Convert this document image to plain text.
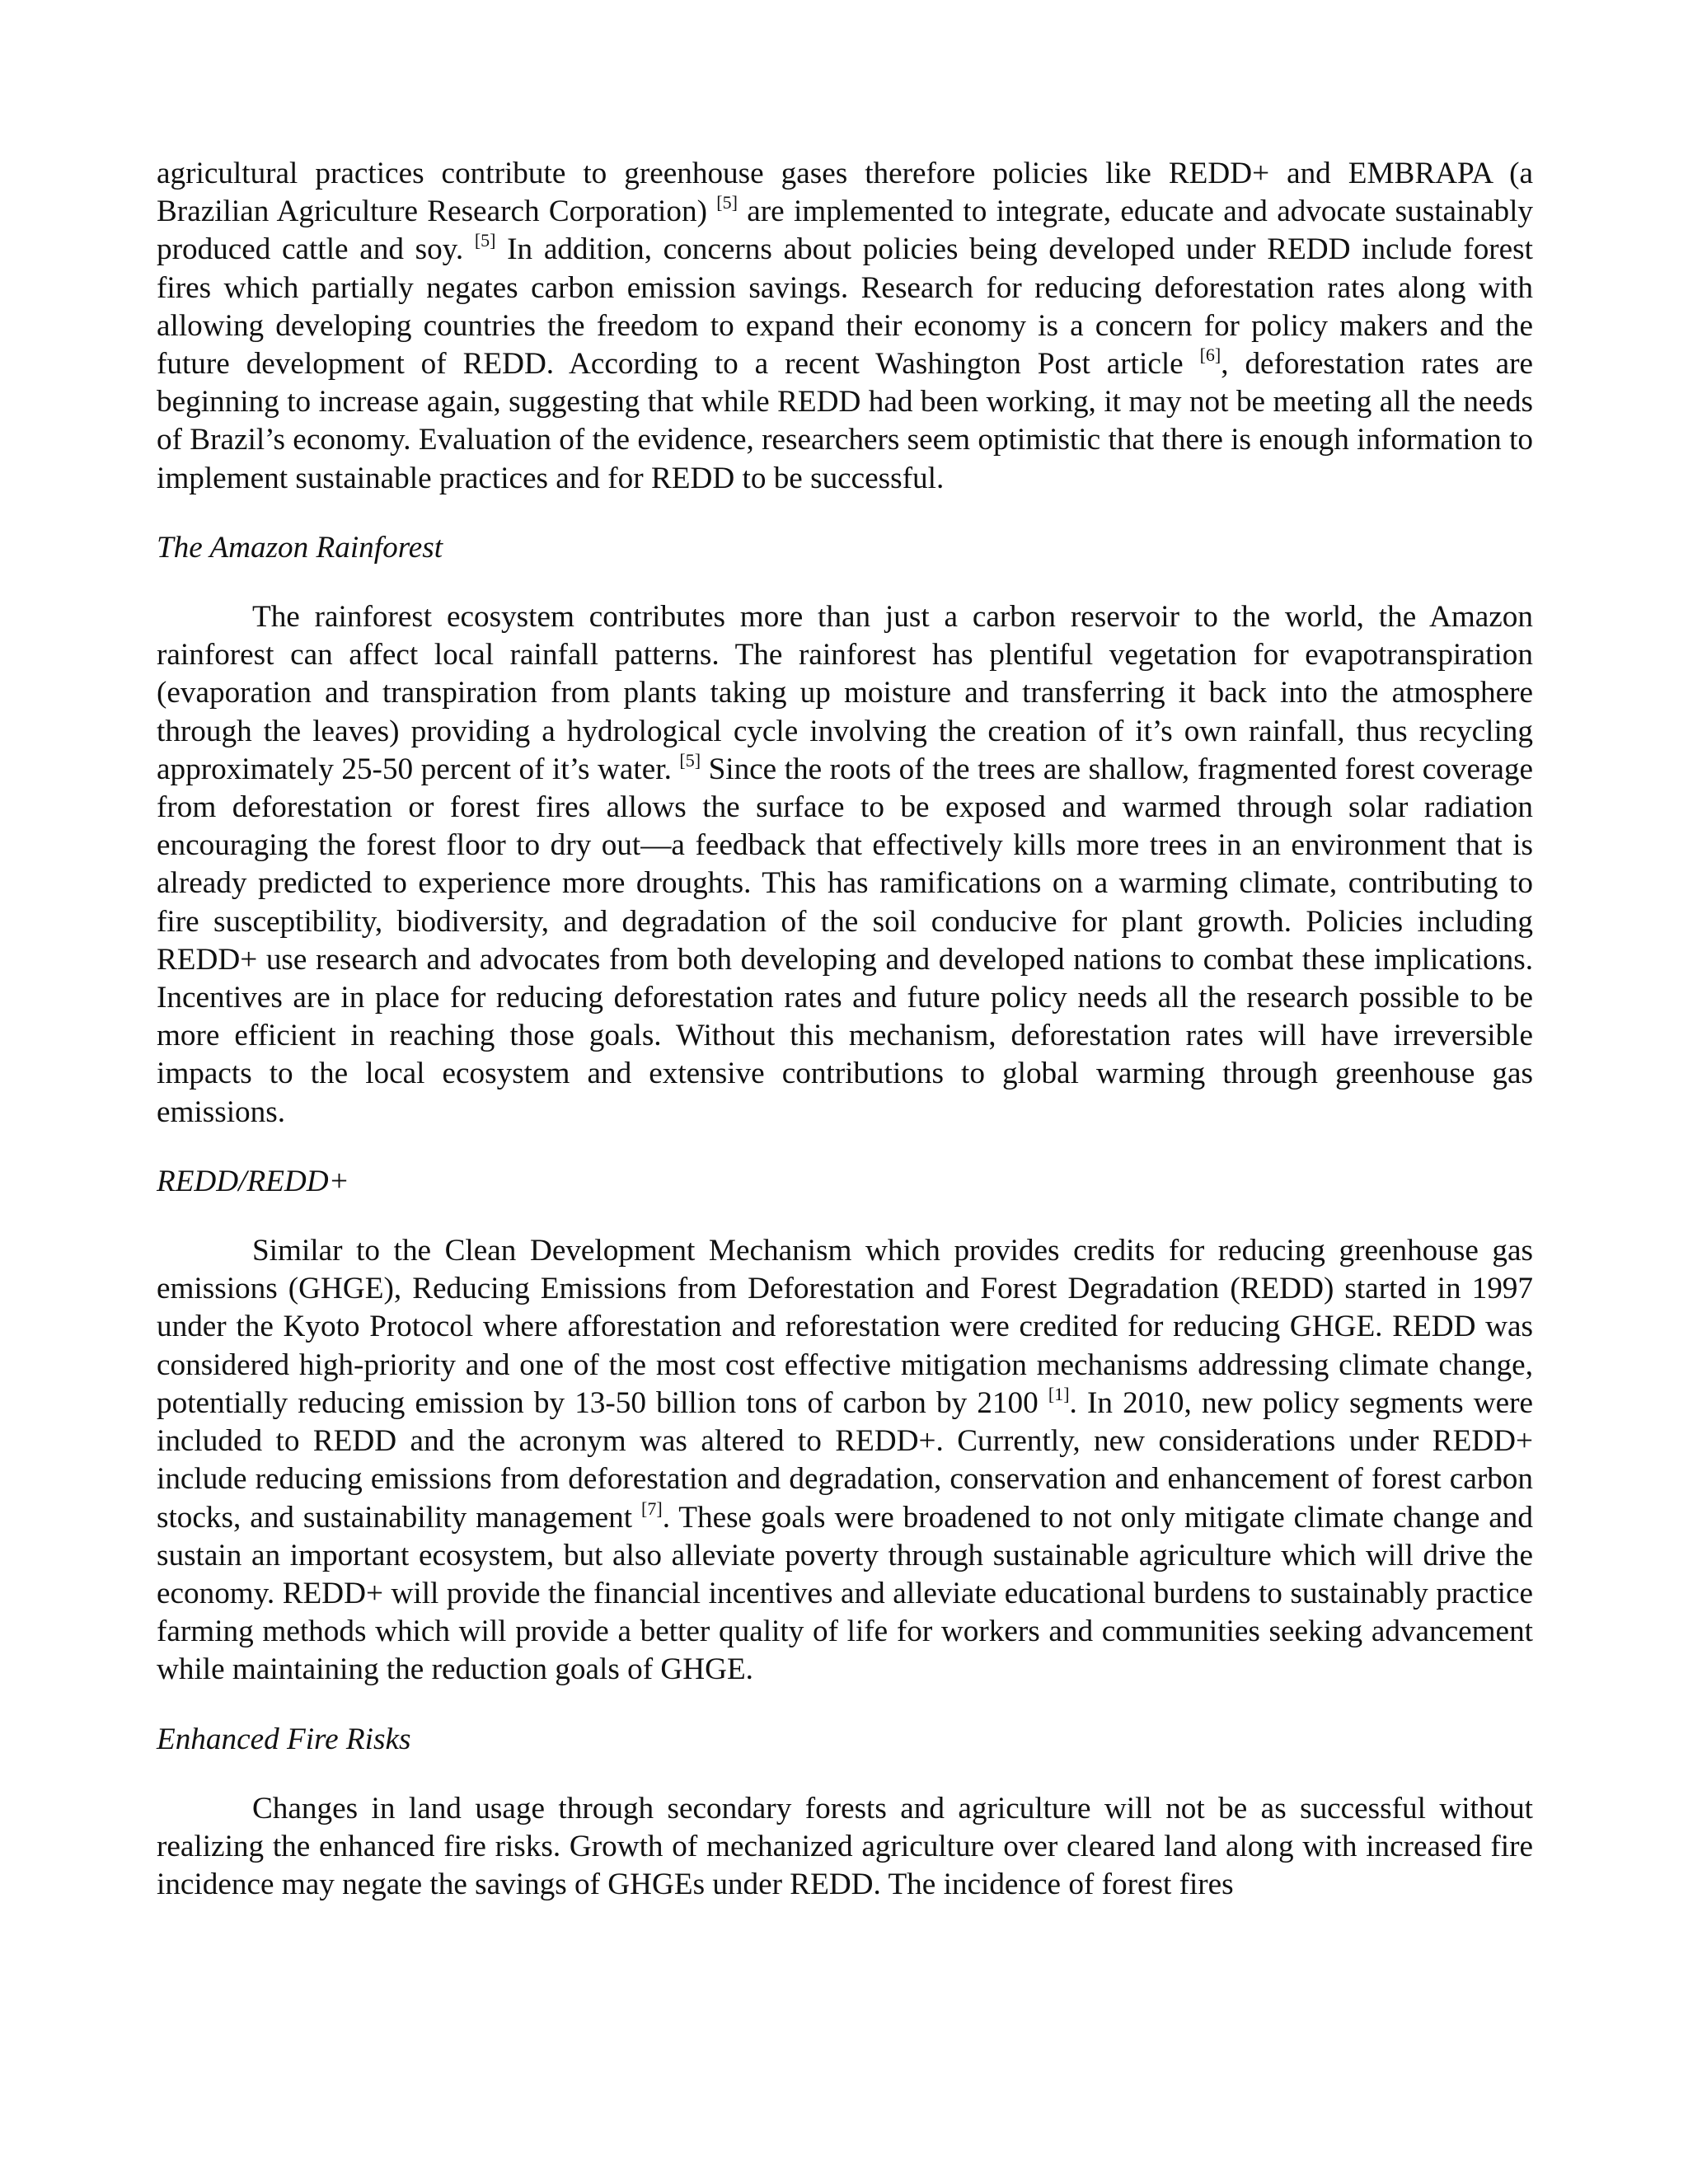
agricultural practices contribute to greenhouse gases therefore policies like REDD+ and EMBRAPA (a Brazilian Agriculture Research Corporation) [5] are implemented to integrate, educate and advocate sustainably produced cattle and soy. [5] In addition, concerns about policies being developed under REDD include forest fires which partially negates carbon emission savings. Research for reducing deforestation rates along with allowing developing countries the freedom to expand their economy is a concern for policy makers and the future development of REDD. According to a recent Washington Post article [6], deforestation rates are beginning to increase again, suggesting that while REDD had been working, it may not be meeting all the needs of Brazil’s economy. Evaluation of the evidence, researchers seem optimistic that there is enough information to implement sustainable practices and for REDD to be successful.

The Amazon Rainforest

The rainforest ecosystem contributes more than just a carbon reservoir to the world, the Amazon rainforest can affect local rainfall patterns. The rainforest has plentiful vegetation for evapotranspiration (evaporation and transpiration from plants taking up moisture and transferring it back into the atmosphere through the leaves) providing a hydrological cycle involving the creation of it’s own rainfall, thus recycling approximately 25-50 percent of it’s water. [5] Since the roots of the trees are shallow, fragmented forest coverage from deforestation or forest fires allows the surface to be exposed and warmed through solar radiation encouraging the forest floor to dry out—a feedback that effectively kills more trees in an environment that is already predicted to experience more droughts. This has ramifications on a warming climate, contributing to fire susceptibility, biodiversity, and degradation of the soil conducive for plant growth. Policies including REDD+ use research and advocates from both developing and developed nations to combat these implications. Incentives are in place for reducing deforestation rates and future policy needs all the research possible to be more efficient in reaching those goals. Without this mechanism, deforestation rates will have irreversible impacts to the local ecosystem and extensive contributions to global warming through greenhouse gas emissions.

REDD/REDD+

Similar to the Clean Development Mechanism which provides credits for reducing greenhouse gas emissions (GHGE), Reducing Emissions from Deforestation and Forest Degradation (REDD) started in 1997 under the Kyoto Protocol where afforestation and reforestation were credited for reducing GHGE. REDD was considered high-priority and one of the most cost effective mitigation mechanisms addressing climate change, potentially reducing emission by 13-50 billion tons of carbon by 2100 [1]. In 2010, new policy segments were included to REDD and the acronym was altered to REDD+. Currently, new considerations under REDD+ include reducing emissions from deforestation and degradation, conservation and enhancement of forest carbon stocks, and sustainability management [7]. These goals were broadened to not only mitigate climate change and sustain an important ecosystem, but also alleviate poverty through sustainable agriculture which will drive the economy. REDD+ will provide the financial incentives and alleviate educational burdens to sustainably practice farming methods which will provide a better quality of life for workers and communities seeking advancement while maintaining the reduction goals of GHGE.

Enhanced Fire Risks

Changes in land usage through secondary forests and agriculture will not be as successful without realizing the enhanced fire risks. Growth of mechanized agriculture over cleared land along with increased fire incidence may negate the savings of GHGEs under REDD. The incidence of forest fires
